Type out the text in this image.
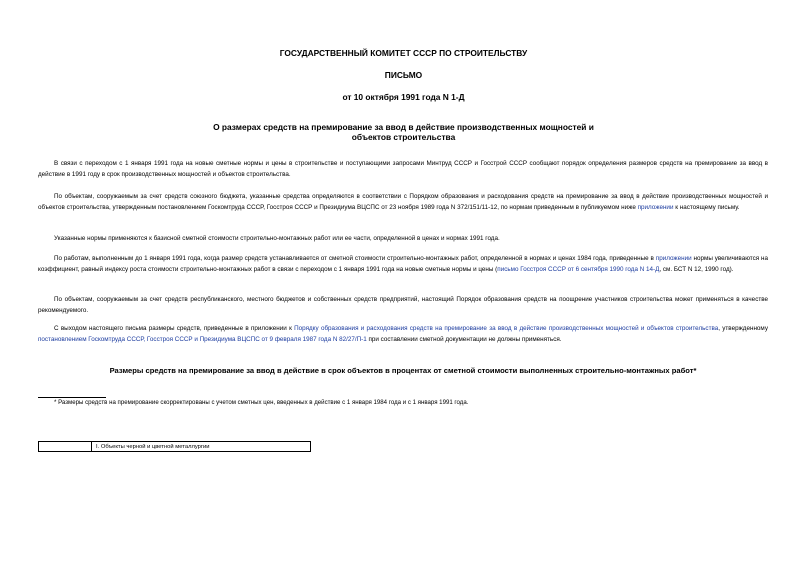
ГОСУДАРСТВЕННЫЙ КОМИТЕТ СССР ПО СТРОИТЕЛЬСТВУ
ПИСЬМО
от 10 октября 1991 года N 1-Д
О размерах средств на премирование за ввод в действие производственных мощностей и
объектов строительства
В связи с переходом с 1 января 1991 года на новые сметные нормы и цены в строительстве и поступающими запросами Минтруд СССР и Госстрой СССР сообщают порядок определения размеров средств на премирование за ввод в действие в 1991 году в срок производственных мощностей и объектов строительства.
По объектам, сооружаемым за счет средств союзного бюджета, указанные средства определяются в соответствии с Порядком образования и расходования средств на премирование за ввод в действие производственных мощностей и объектов строительства, утвержденным постановлением Госкомтруда СССР, Госстроя СССР и Президиума ВЦСПС от 23 ноября 1989 года N 372/151/11-12, по нормам приведенным в публикуемом ниже приложении к настоящему письму.
Указанные нормы применяются к базисной сметной стоимости строительно-монтажных работ или ее части, определенной в ценах и нормах 1991 года.
По работам, выполненным до 1 января 1991 года, когда размер средств устанавливается от сметной стоимости строительно-монтажных работ, определенной в нормах и ценах 1984 года, приведенные в приложении нормы увеличиваются на коэффициент, равный индексу роста стоимости строительно-монтажных работ в связи с переходом с 1 января 1991 года на новые сметные нормы и цены (письмо Госстроя СССР от 6 сентября 1990 года N 14-Д, см. БСТ N 12, 1990 год).
По объектам, сооружаемым за счет средств республиканского, местного бюджетов и собственных средств предприятий, настоящий Порядок образования средств на поощрение участников строительства может применяться в качестве рекомендуемого.
С выходом настоящего письма размеры средств, приведенные в приложении к Порядку образования и расходования средств на премирование за ввод в действие производственных мощностей и объектов строительства, утвержденному постановлением Госкомтруда СССР, Госстроя СССР и Президиума ВЦСПС от 9 февраля 1987 года N 82/27/П-1 при составлении сметной документации не должны применяться.
Размеры средств на премирование за ввод в действие в срок объектов в процентах от сметной стоимости выполненных строительно-монтажных работ*
* Размеры средств на премирование скорректированы с учетом сметных цен, введенных в действие с 1 января 1984 года и с 1 января 1991 года.
	I. Объекты черной и цветной металлургии
